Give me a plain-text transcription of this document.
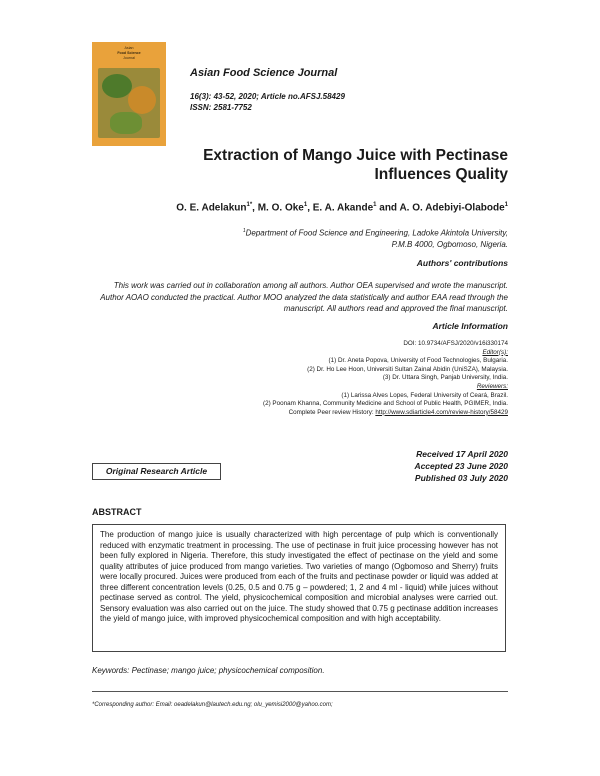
Asian
Food Science
Journal
Asian Food Science Journal
16(3): 43-52, 2020; Article no.AFSJ.58429
ISSN: 2581-7752
Extraction of Mango Juice with Pectinase Influences Quality
O. E. Adelakun$^{1*}$, M. O. Oke$^1$, E. A. Akande$^1$ and A. O. Adebiyi-Olabode$^1$
$^1$Department of Food Science and Engineering, Ladoke Akintola University,
P.M.B 4000, Ogbomoso, Nigeria.
Authors' contributions
This work was carried out in collaboration among all authors. Author OEA supervised and wrote the manuscript. Author AOAO conducted the practical. Author MOO analyzed the data statistically and author EAA read through the manuscript. All authors read and approved the final manuscript.
Article Information
DOI: 10.9734/AFSJ/2020/v16i330174
Editor(s):
(1) Dr. Aneta Popova, University of Food Technologies, Bulgaria.
(2) Dr. Ho Lee Hoon, Universiti Sultan Zainal Abidin (UniSZA), Malaysia.
(3) Dr. Uttara Singh, Panjab University, India.
Reviewers:
(1) Larissa Alves Lopes, Federal University of Ceará, Brazil.
(2) Poonam Khanna, Community Medicine and School of Public Health, PGIMER, India.
Complete Peer review History: http://www.sdiarticle4.com/review-history/58429
Original Research Article
Received 17 April 2020
Accepted 23 June 2020
Published 03 July 2020
ABSTRACT
The production of mango juice is usually characterized with high percentage of pulp which is conventionally reduced with enzymatic treatment in processing. The use of pectinase in fruit juice processing however has not been fully explored in Nigeria. Therefore, this study investigated the effect of pectinase on the yield and some quality attributes of juice produced from mango varieties. Two varieties of mango (Ogbomoso and Sherry) fruits were locally procured. Juices were produced from each of the fruits and pectinase powder or liquid was added at three different concentration levels (0.25, 0.5 and 0.75 g – powdered; 1, 2 and 4 ml - liquid) while juices without pectinase served as control. The yield, physicochemical composition and microbial analyses were carried out. Sensory evaluation was also carried out on the juice. The study showed that 0.75 g pectinase addition increases the yield of mango juice, with improved physicochemical composition and with high acceptability.
Keywords: Pectinase; mango juice; physicochemical composition.
*Corresponding author: Email: oeadelakun@lautech.edu.ng; olu_yemisi2000@yahoo.com;
